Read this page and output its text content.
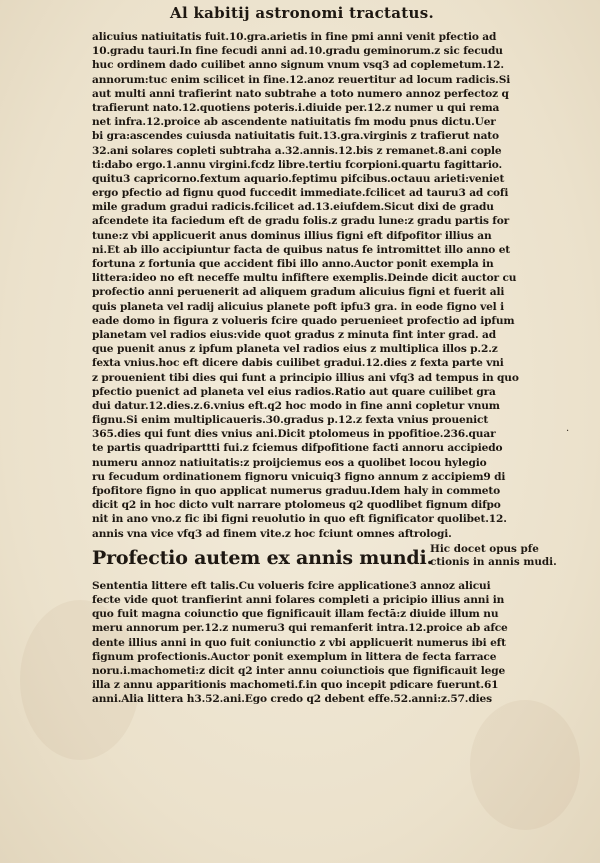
Al kabitij astronomi tractatus.
alicuius natiuitatis fuit.10.gra.arietis in fine pmi anni venit pfectio ad
10.gradu tauri.In fine fecudi anni ad.10.gradu geminorum.z sic fecudu
huc ordinem dado cuilibet anno signum vnum vsq3 ad coplemetum.12.
annorum:tuc enim scilicet in fine.12.anoz reuertitur ad locum radicis.Si
aut multi anni trafierint nato subtrahe a toto numero annoz perfectoz q
trafierunt nato.12.quotiens poteris.i.diuide per.12.z numer u qui rema
net infra.12.proice ab ascendente natiuitatis fm modu pnus dictu.Uer
bi gra:ascendes cuiusda natiuitatis fuit.13.gra.virginis z trafierut nato
32.ani solares copleti subtraha a.32.annis.12.bis z remanet.8.ani cople
ti:dabo ergo.1.annu virgini.fcdz libre.tertiu fcorpioni.quartu fagittario.
quitu3 capricorno.fextum aquario.feptimu pifcibus.octauu arieti:veniet
ergo pfectio ad fignu quod fuccedit immediate.fcilicet ad tauru3 ad cofi
mile gradum gradui radicis.fcilicet ad.13.eiufdem.Sicut dixi de gradu
afcendete ita faciedum eft de gradu folis.z gradu lune:z gradu partis for
tune:z vbi applicuerit anus dominus illius figni eft difpofitor illius an
ni.Et ab illo accipiuntur facta de quibus natus fe intromittet illo anno et
fortuna z fortunia que accident fibi illo anno.Auctor ponit exempla in
littera:ideo no eft neceffe multu infiftere exemplis.Deinde dicit auctor cu
profectio anni peruenerit ad aliquem gradum alicuius figni et fuerit ali
quis planeta vel radij alicuius planete poft ipfu3 gra. in eode figno vel i
eade domo in figura z volueris fcire quado peruenieet profectio ad ipfum
planetam vel radios eius:vide quot gradus z minuta fint inter grad. ad
que puenit anus z ipfum planeta vel radios eius z multiplica illos p.2.z
fexta vnius.hoc eft dicere dabis cuilibet gradui.12.dies z fexta parte vni
z prouenient tibi dies qui funt a principio illius ani vfq3 ad tempus in quo
pfectio puenict ad planeta vel eius radios.Ratio aut quare cuilibet gra
dui datur.12.dies.z.6.vnius eft.q2 hoc modo in fine anni copletur vnum
fignu.Si enim multiplicaueris.30.gradus p.12.z fexta vnius prouenict
365.dies qui funt dies vnius ani.Dicit ptolomeus in ppofitioe.236.quar
te partis quadriparttti fui.z fciemus difpofitione facti annoru accipiedo
numeru annoz natiuitatis:z proijciemus eos a quolibet locou hylegio
ru fecudum ordinationem fignoru vnicuiq3 figno annum z accipiem9 di
fpofitore figno in quo applicat numerus graduu.Idem haly in commeto
dicit q2 in hoc dicto vult narrare ptolomeus q2 quodlibet fignum difpo
nit in ano vno.z fic ibi figni reuolutio in quo eft fignificator quolibet.12.
annis vna vice vfq3 ad finem vite.z hoc fciunt omnes aftrologi.
Profectio autem ex annis mundi.
Hic docet opus pfe
ctionis in annis mudi.
Sententia littere eft talis.Cu volueris fcire applicatione3 annoz alicui
fecte vide quot tranfierint anni folares completi a pricipio illius anni in
quo fuit magna coiunctio que fignificauit illam fectā:z diuide illum nu
meru annorum per.12.z numeru3 qui remanferit intra.12.proice ab afce
dente illius anni in quo fuit coniunctio z vbi applicuerit numerus ibi eft
fignum profectionis.Auctor ponit exemplum in littera de fecta farrace
noru.i.machometi:z dicit q2 inter annu coiunctiois que fignificauit lege
illa z annu apparitionis machometi.f.in quo incepit pdicare fuerunt.61
anni.Alia littera h3.52.ani.Ego credo q2 debent effe.52.anni:z.57.dies
·
